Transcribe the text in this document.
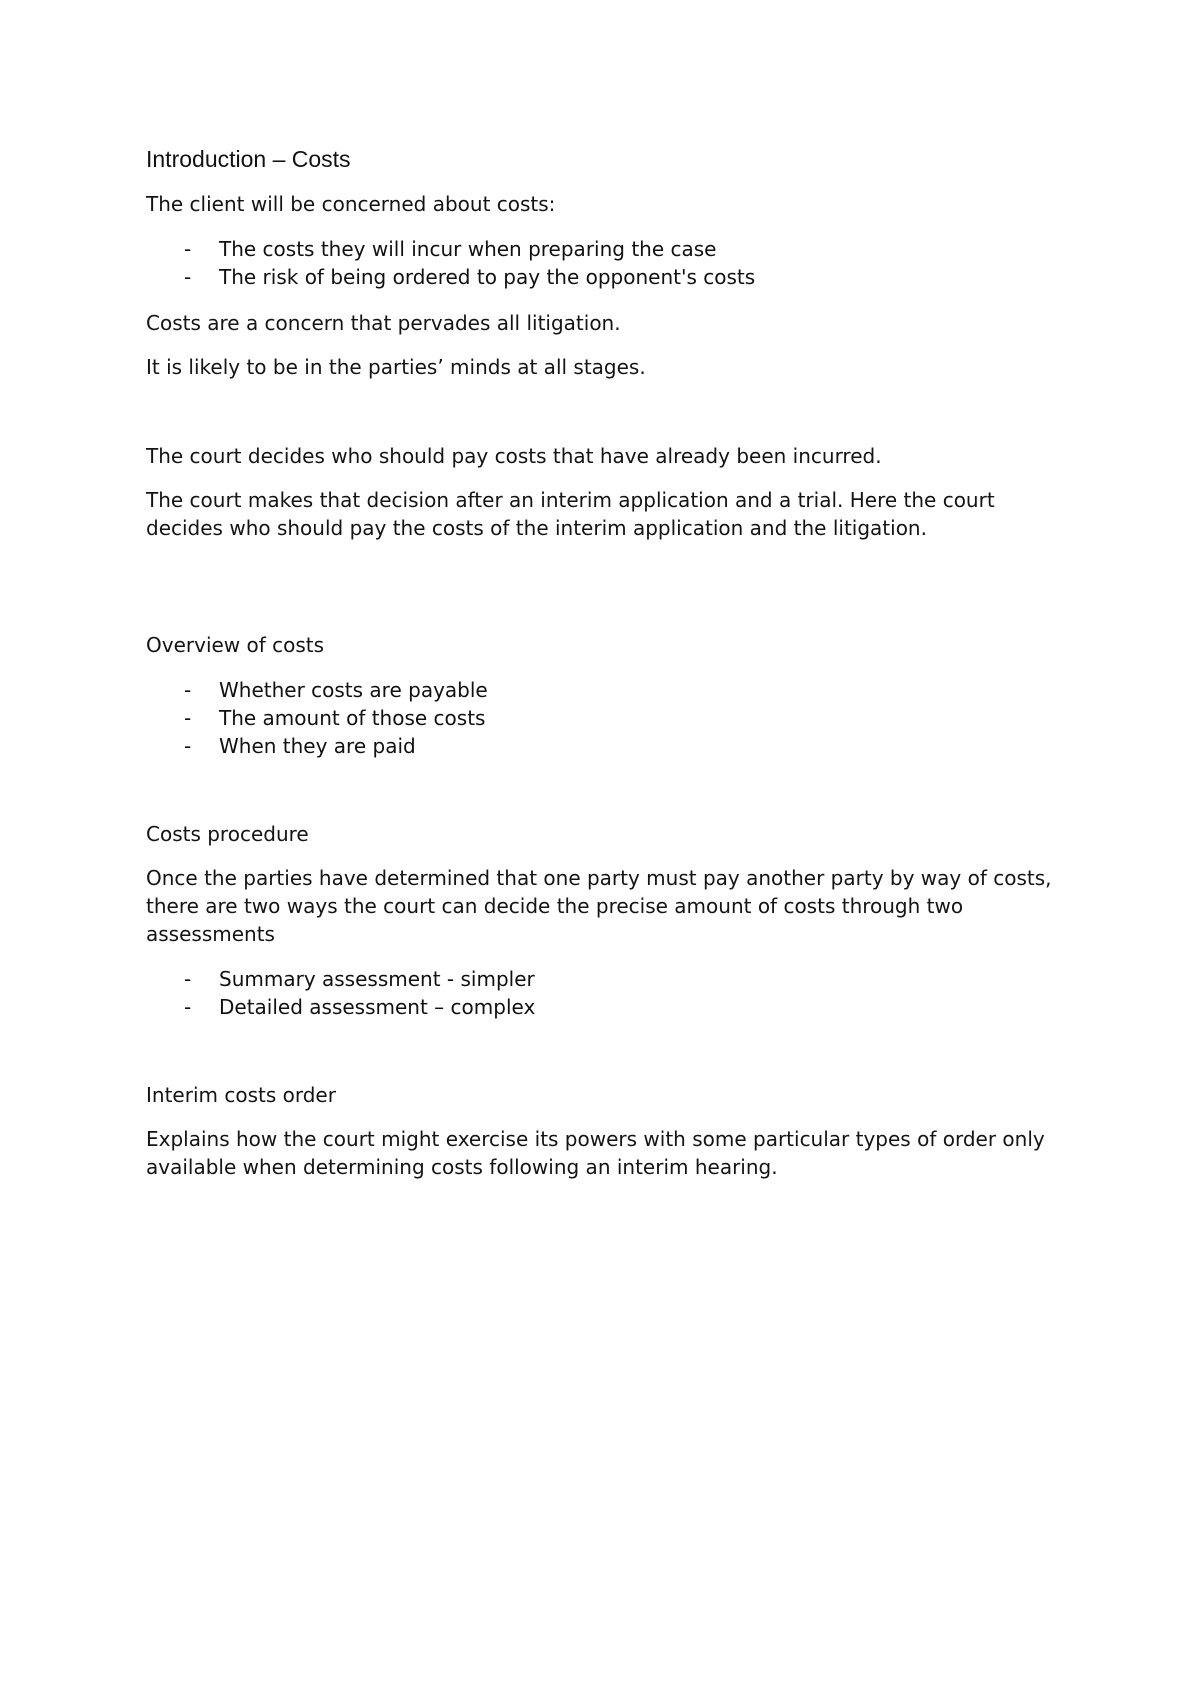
Introduction – Costs

The client will be concerned about costs:

- The costs they will incur when preparing the case
- The risk of being ordered to pay the opponent's costs

Costs are a concern that pervades all litigation.

It is likely to be in the parties’ minds at all stages.

The court decides who should pay costs that have already been incurred.

The court makes that decision after an interim application and a trial. Here the court decides who should pay the costs of the interim application and the litigation.

Overview of costs

- Whether costs are payable
- The amount of those costs
- When they are paid

Costs procedure

Once the parties have determined that one party must pay another party by way of costs, there are two ways the court can decide the precise amount of costs through two assessments

- Summary assessment - simpler
- Detailed assessment – complex

Interim costs order

Explains how the court might exercise its powers with some particular types of order only available when determining costs following an interim hearing.
